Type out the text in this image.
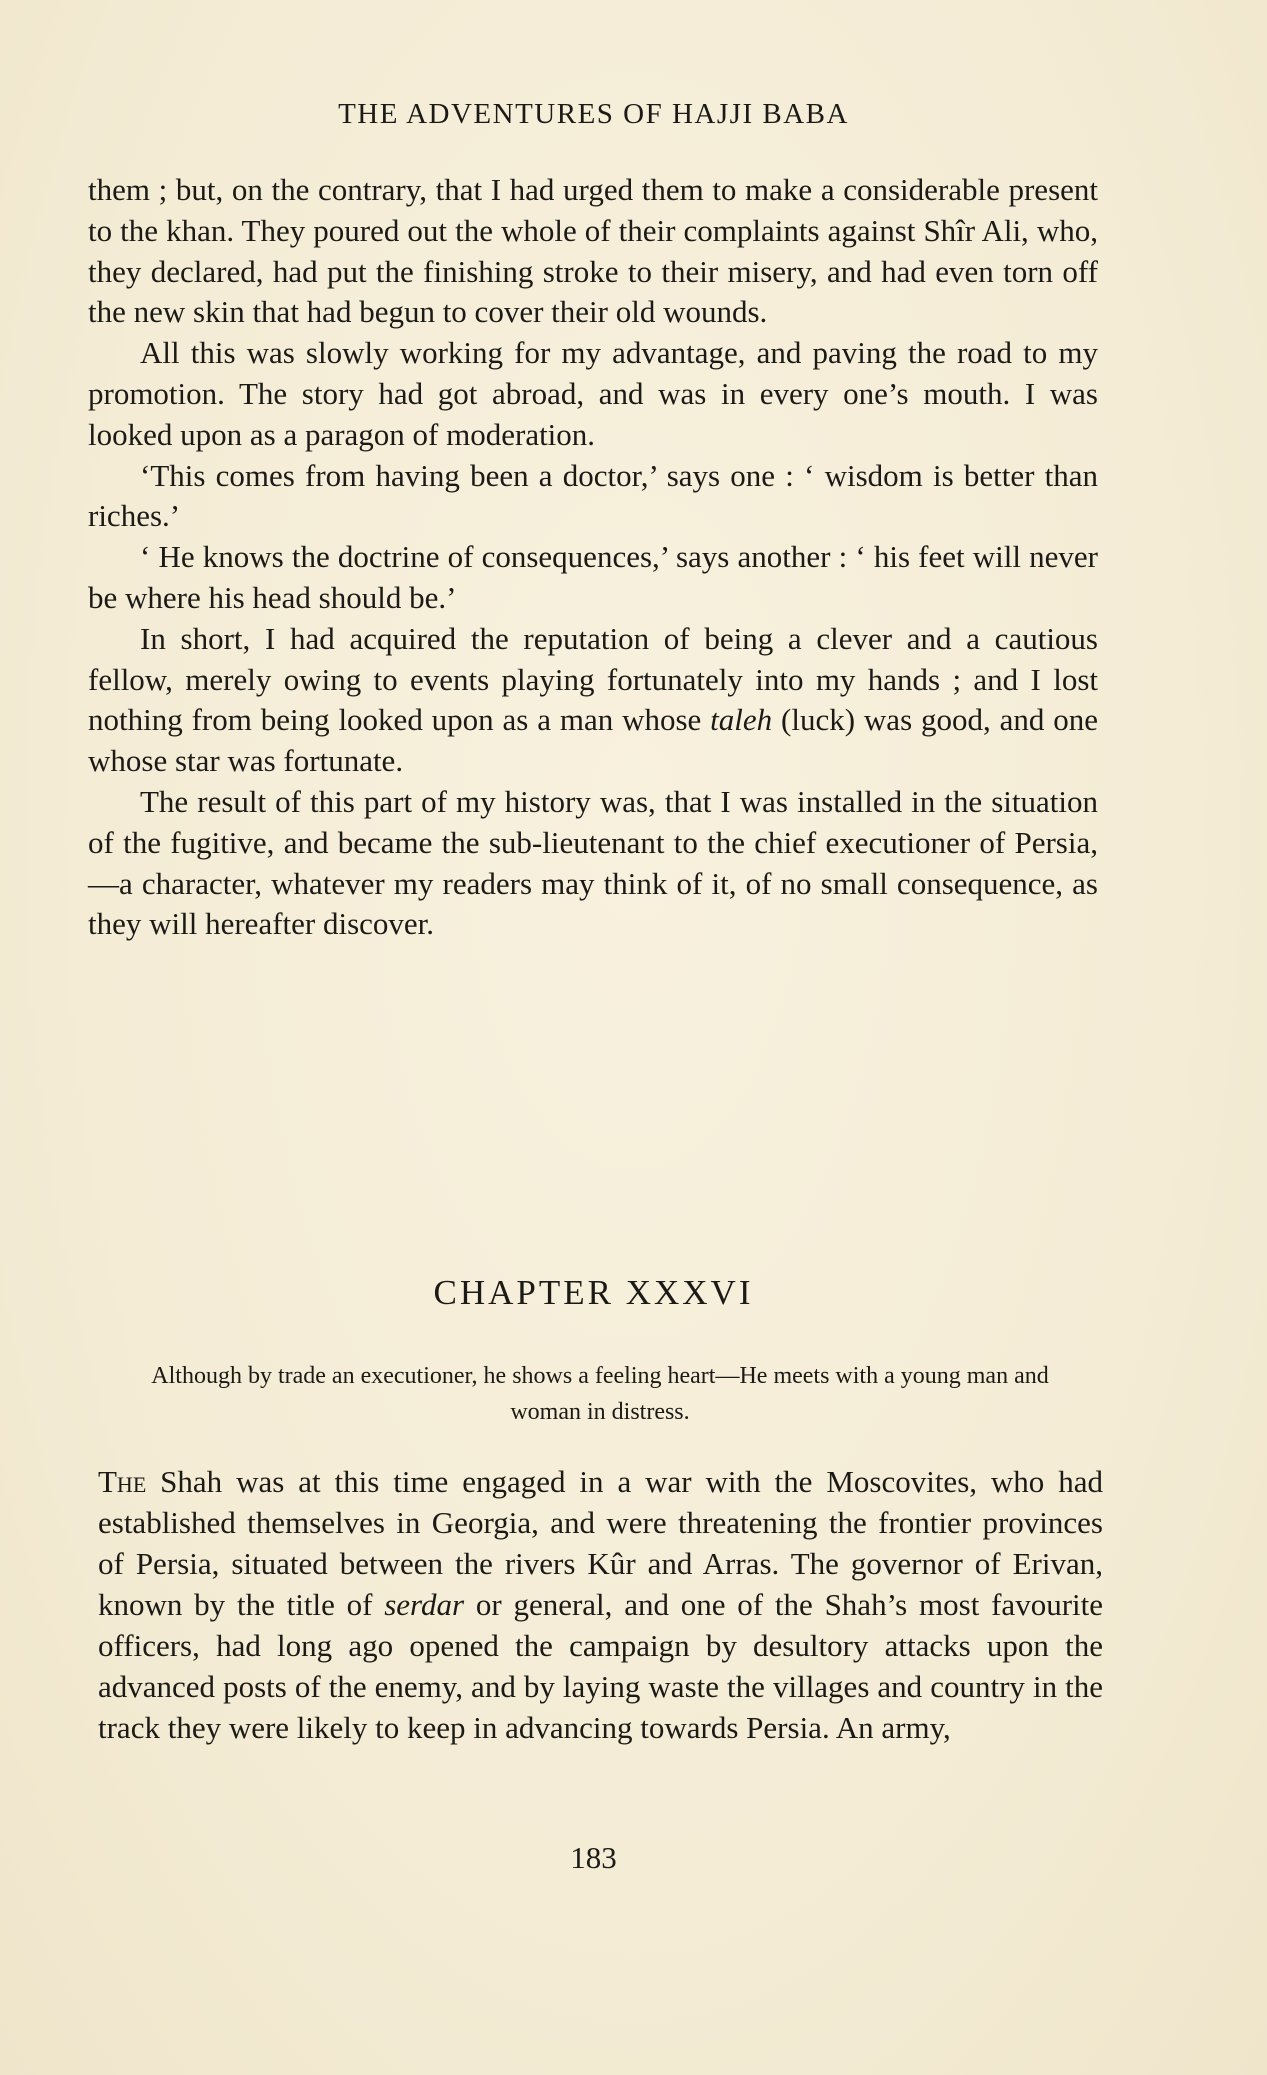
THE ADVENTURES OF HAJJI BABA

them ; but, on the contrary, that I had urged them to make a considerable present to the khan. They poured out the whole of their complaints against Shîr Ali, who, they declared, had put the finishing stroke to their misery, and had even torn off the new skin that had begun to cover their old wounds.

All this was slowly working for my advantage, and paving the road to my promotion. The story had got abroad, and was in every one’s mouth. I was looked upon as a paragon of moderation.

‘This comes from having been a doctor,’ says one : ‘ wisdom is better than riches.’

‘ He knows the doctrine of consequences,’ says another : ‘ his feet will never be where his head should be.’

In short, I had acquired the reputation of being a clever and a cautious fellow, merely owing to events playing fortunately into my hands ; and I lost nothing from being looked upon as a man whose taleh (luck) was good, and one whose star was fortunate.

The result of this part of my history was, that I was installed in the situation of the fugitive, and became the sub-lieutenant to the chief executioner of Persia,—a character, whatever my readers may think of it, of no small consequence, as they will hereafter discover.

CHAPTER XXXVI
Although by trade an executioner, he shows a feeling heart—He meets with a young man and woman in distress.

The Shah was at this time engaged in a war with the Moscovites, who had established themselves in Georgia, and were threatening the frontier provinces of Persia, situated between the rivers Kûr and Arras. The governor of Erivan, known by the title of serdar or general, and one of the Shah’s most favourite officers, had long ago opened the campaign by desultory attacks upon the advanced posts of the enemy, and by laying waste the villages and country in the track they were likely to keep in advancing towards Persia. An army,

183
